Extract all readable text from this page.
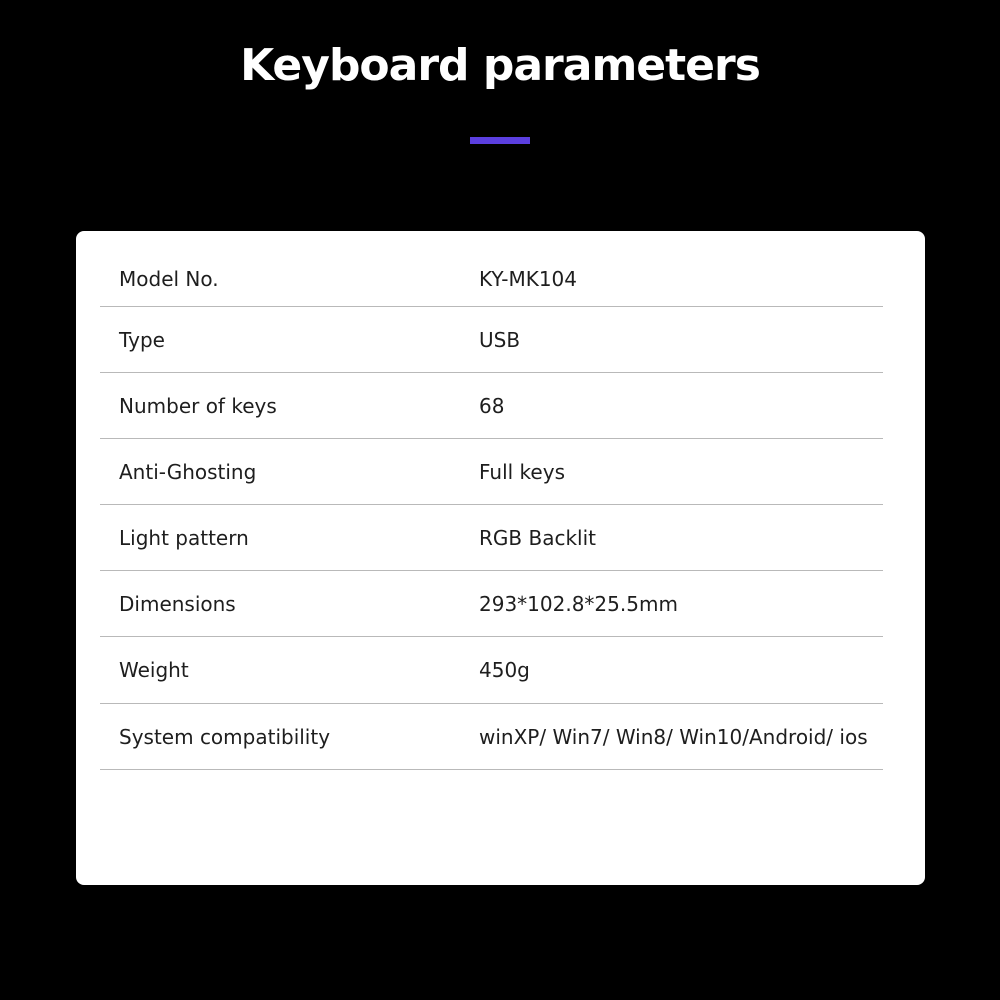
Keyboard parameters
Model No.	KY-MK104
Type	USB
Number of keys	68
Anti-Ghosting	Full keys
Light pattern	RGB Backlit
Dimensions	293*102.8*25.5mm
Weight	450g
System compatibility	winXP/ Win7/ Win8/ Win10/Android/ ios
